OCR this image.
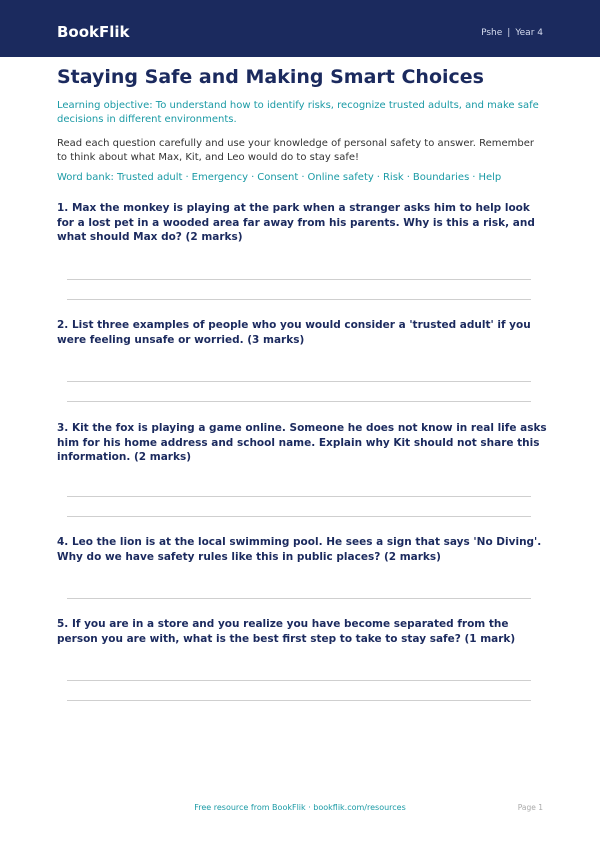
BookFlik	Pshe | Year 4
Staying Safe and Making Smart Choices
Learning objective: To understand how to identify risks, recognize trusted adults, and make safe decisions in different environments.
Read each question carefully and use your knowledge of personal safety to answer. Remember to think about what Max, Kit, and Leo would do to stay safe!
Word bank: Trusted adult · Emergency · Consent · Online safety · Risk · Boundaries · Help
1. Max the monkey is playing at the park when a stranger asks him to help look for a lost pet in a wooded area far away from his parents. Why is this a risk, and what should Max do? (2 marks)
2. List three examples of people who you would consider a 'trusted adult' if you were feeling unsafe or worried. (3 marks)
3. Kit the fox is playing a game online. Someone he does not know in real life asks him for his home address and school name. Explain why Kit should not share this information. (2 marks)
4. Leo the lion is at the local swimming pool. He sees a sign that says 'No Diving'. Why do we have safety rules like this in public places? (2 marks)
5. If you are in a store and you realize you have become separated from the person you are with, what is the best first step to take to stay safe? (1 mark)
Free resource from BookFlik · bookflik.com/resources	Page 1
